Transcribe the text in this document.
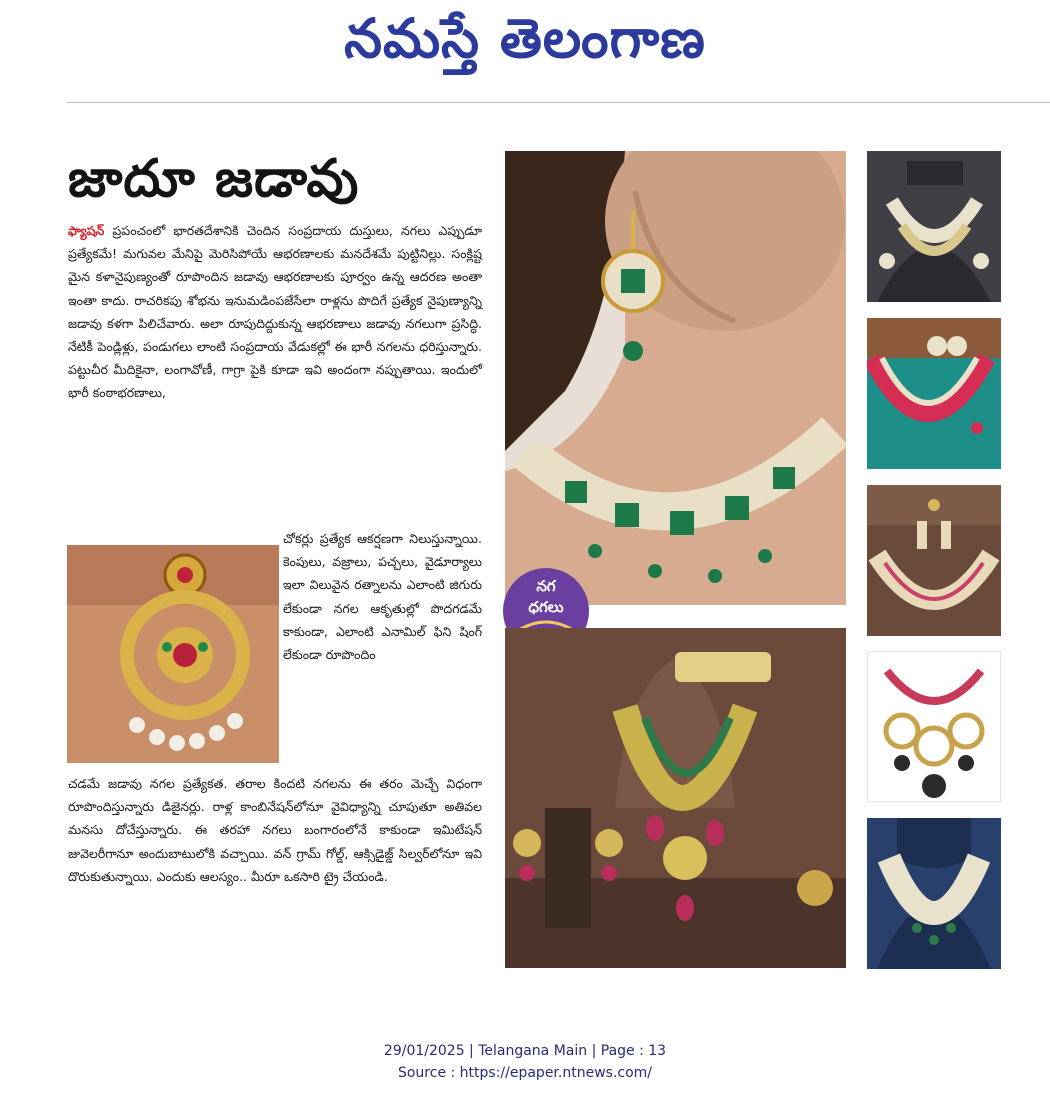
నమస్తే తెలంగాణ
జాదూ జడావు
ఫ్యాషన్ ప్రపంచంలో భారతదేశానికి చెందిన సంప్రదాయ దుస్తులు, నగలు ఎప్పుడూ ప్రత్యేకమే! మగువల మేనిపై మెరిసిపోయే ఆభరణాలకు మనదేశమే పుట్టినిల్లు. సంక్లిష్ట మైన కళానైపుణ్యంతో రూపొందిన జడావు ఆభరణాలకు పూర్వం ఉన్న ఆదరణ అంతా ఇంతా కాదు. రాచరికపు శోభను ఇనుమడింపజేసేలా రాళ్లను పొదిగే ప్రత్యేక నైపుణ్యాన్ని జడావు కళగా పిలిచేవారు. అలా రూపుదిద్దుకున్న ఆభరణాలు జడావు నగలుగా ప్రసిద్ధి. నేటికీ పెండ్లిళ్లు, పండుగలు లాంటి సంప్రదాయ వేడుకల్లో ఈ భారీ నగలను ధరిస్తున్నారు. పట్టుచీర మీదికైనా, లంగావోణీ, గాగ్రా పైకి కూడా ఇవి అందంగా నప్పుతాయి. ఇందులో భారీ కంఠాభరణాలు,
చోకర్లు ప్రత్యేక ఆకర్షణగా నిలుస్తున్నాయి. కెంపులు, వజ్రాలు, పచ్చలు, వైడూర్యాలు ఇలా విలువైన రత్నాలను ఎలాంటి జిగురు లేకుండా నగల ఆకృతుల్లో పొదగడమే కాకుండా, ఎలాంటి ఎనామిల్ ఫిని షింగ్ లేకుండా రూపొందిం
చడమే జడావు నగల ప్రత్యేకత. తరాల కిందటి నగలను ఈ తరం మెచ్చే విధంగా రూపొందిస్తున్నారు డిజైనర్లు. రాళ్ల కాంబినేషన్‌లోనూ వైవిధ్యాన్ని చూపుతూ అతివల మనసు దోచేస్తున్నారు. ఈ తరహా నగలు బంగారంలోనే కాకుండా ఇమిటేషన్ జువెలరీగానూ అందుబాటులోకి వచ్చాయి. వన్ గ్రామ్ గోల్డ్, ఆక్సిడైజ్డ్ సిల్వర్‌లోనూ ఇవి దొరుకుతున్నాయి. ఎందుకు ఆలస్యం.. మీరూ ఒకసారి ట్రై చేయండి.
నగ
ధగలు
29/01/2025 | Telangana Main | Page : 13
Source : https://epaper.ntnews.com/
